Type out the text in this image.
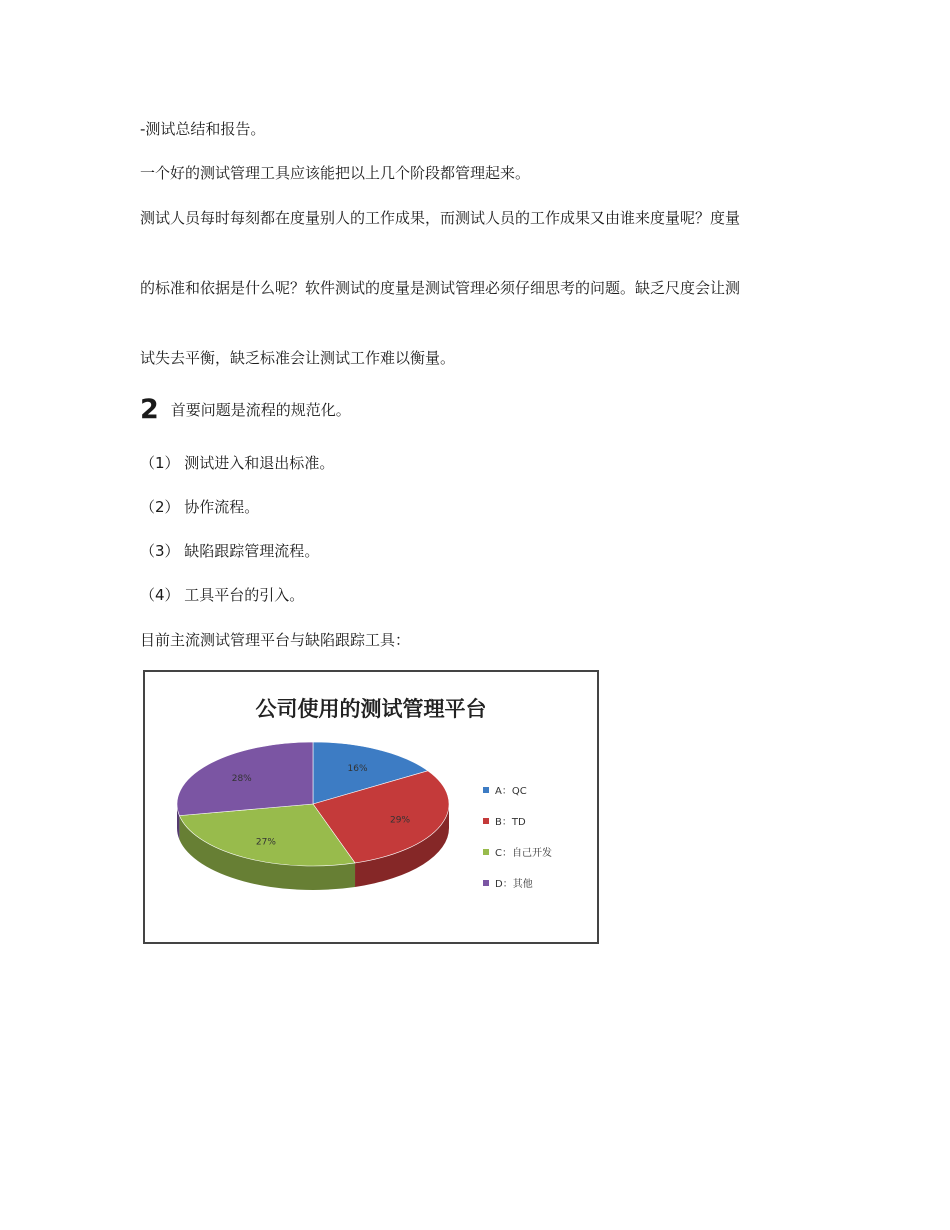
-测试总结和报告。

一个好的测试管理工具应该能把以上几个阶段都管理起来。

测试人员每时每刻都在度量别人的工作成果，而测试人员的工作成果又由谁来度量呢？度量

的标准和依据是什么呢？软件测试的度量是测试管理必须仔细思考的问题。缺乏尺度会让测

试失去平衡，缺乏标准会让测试工作难以衡量。

2 首要问题是流程的规范化。

（1） 测试进入和退出标准。

（2） 协作流程。

（3） 缺陷跟踪管理流程。

（4） 工具平台的引入。

目前主流测试管理平台与缺陷跟踪工具：

公司使用的测试管理平台
16%
29%
27%
28%
A：QC
B：TD
C：自己开发
D：其他
